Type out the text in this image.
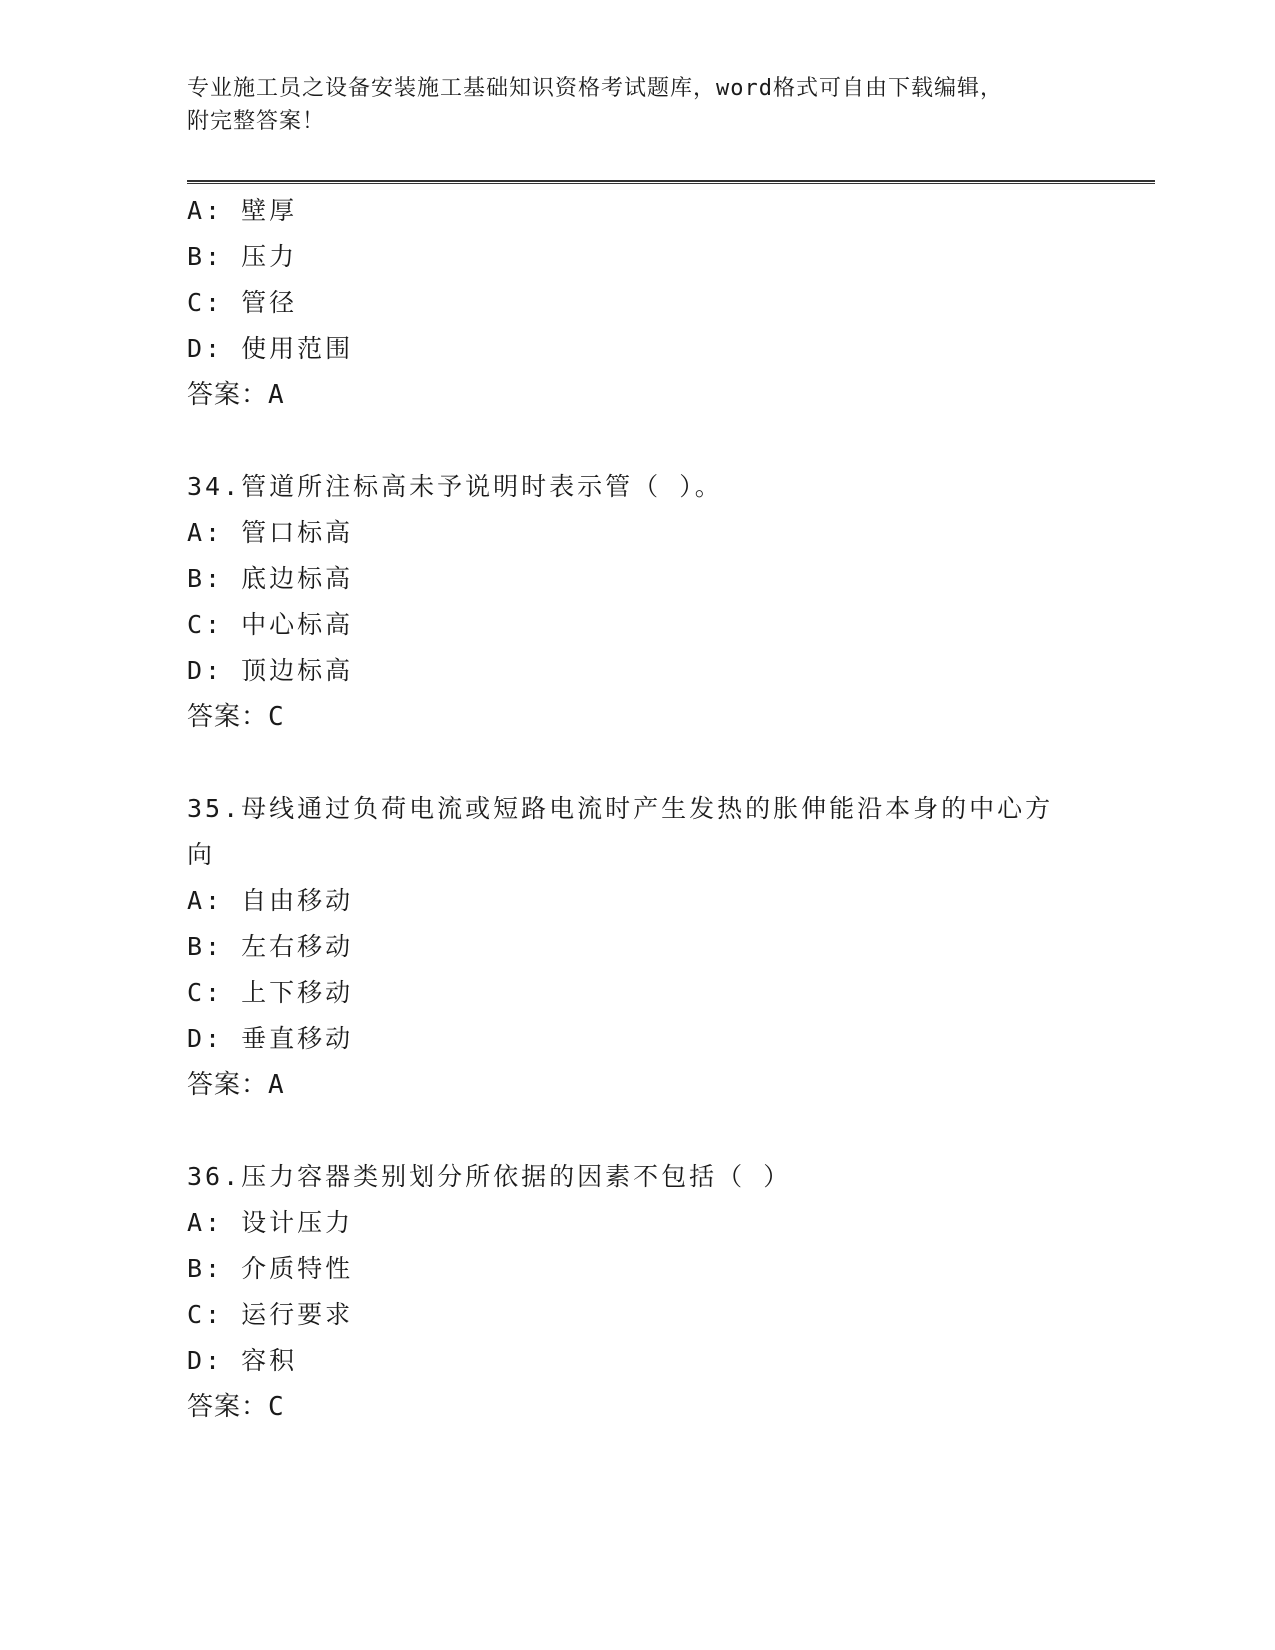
专业施工员之设备安装施工基础知识资格考试题库，word格式可自由下载编辑，
附完整答案！
A: 壁厚
B: 压力
C: 管径
D: 使用范围
答案：A
34.管道所注标高未予说明时表示管（ ）。
A: 管口标高
B: 底边标高
C: 中心标高
D: 顶边标高
答案：C
35.母线通过负荷电流或短路电流时产生发热的胀伸能沿本身的中心方向
A: 自由移动
B: 左右移动
C: 上下移动
D: 垂直移动
答案：A
36.压力容器类别划分所依据的因素不包括（ ）
A: 设计压力
B: 介质特性
C: 运行要求
D: 容积
答案：C
